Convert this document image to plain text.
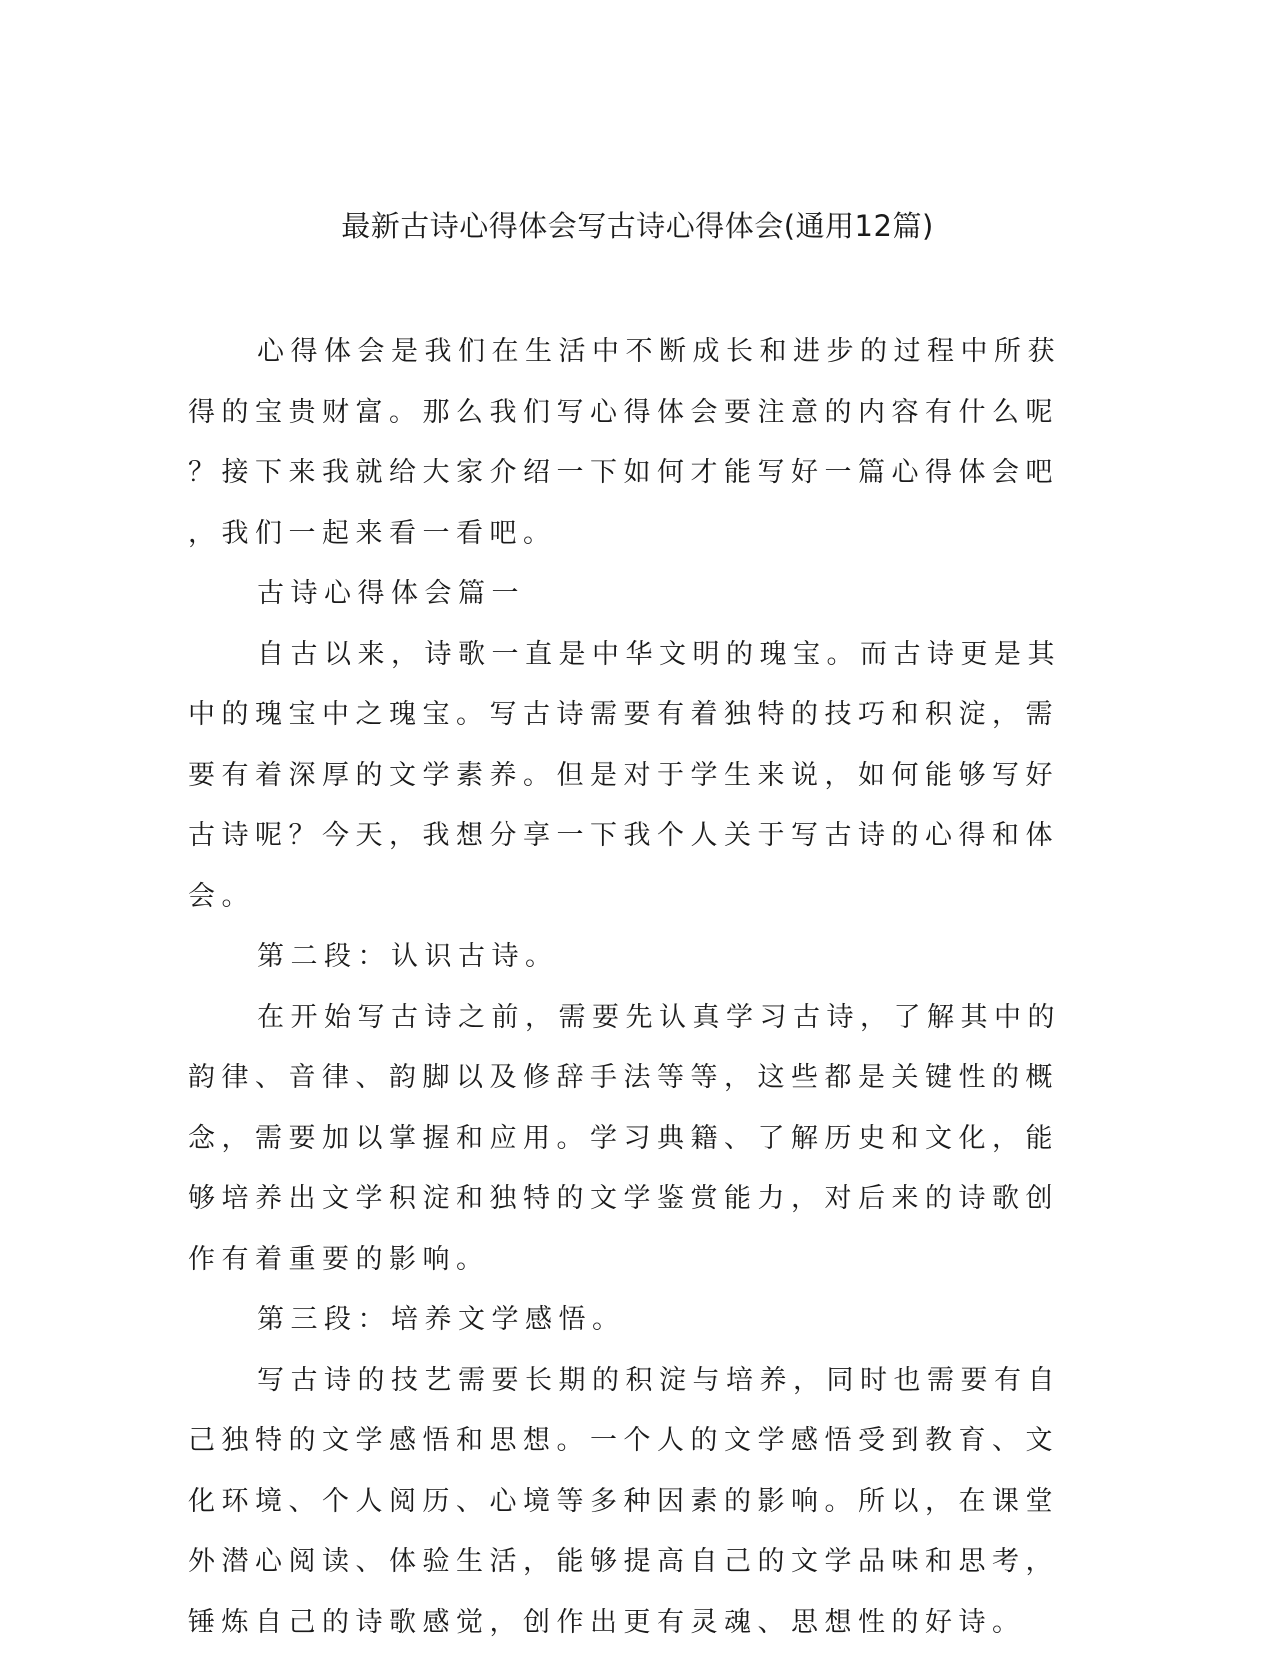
最新古诗心得体会写古诗心得体会(通用12篇)

心得体会是我们在生活中不断成长和进步的过程中所获得的宝贵财富。那么我们写心得体会要注意的内容有什么呢？接下来我就给大家介绍一下如何才能写好一篇心得体会吧，我们一起来看一看吧。

古诗心得体会篇一

自古以来，诗歌一直是中华文明的瑰宝。而古诗更是其中的瑰宝中之瑰宝。写古诗需要有着独特的技巧和积淀，需要有着深厚的文学素养。但是对于学生来说，如何能够写好古诗呢？今天，我想分享一下我个人关于写古诗的心得和体会。

第二段：认识古诗。

在开始写古诗之前，需要先认真学习古诗，了解其中的韵律、音律、韵脚以及修辞手法等等，这些都是关键性的概念，需要加以掌握和应用。学习典籍、了解历史和文化，能够培养出文学积淀和独特的文学鉴赏能力，对后来的诗歌创作有着重要的影响。

第三段：培养文学感悟。

写古诗的技艺需要长期的积淀与培养，同时也需要有自己独特的文学感悟和思想。一个人的文学感悟受到教育、文化环境、个人阅历、心境等多种因素的影响。所以，在课堂外潜心阅读、体验生活，能够提高自己的文学品味和思考，锤炼自己的诗歌感觉，创作出更有灵魂、思想性的好诗。
